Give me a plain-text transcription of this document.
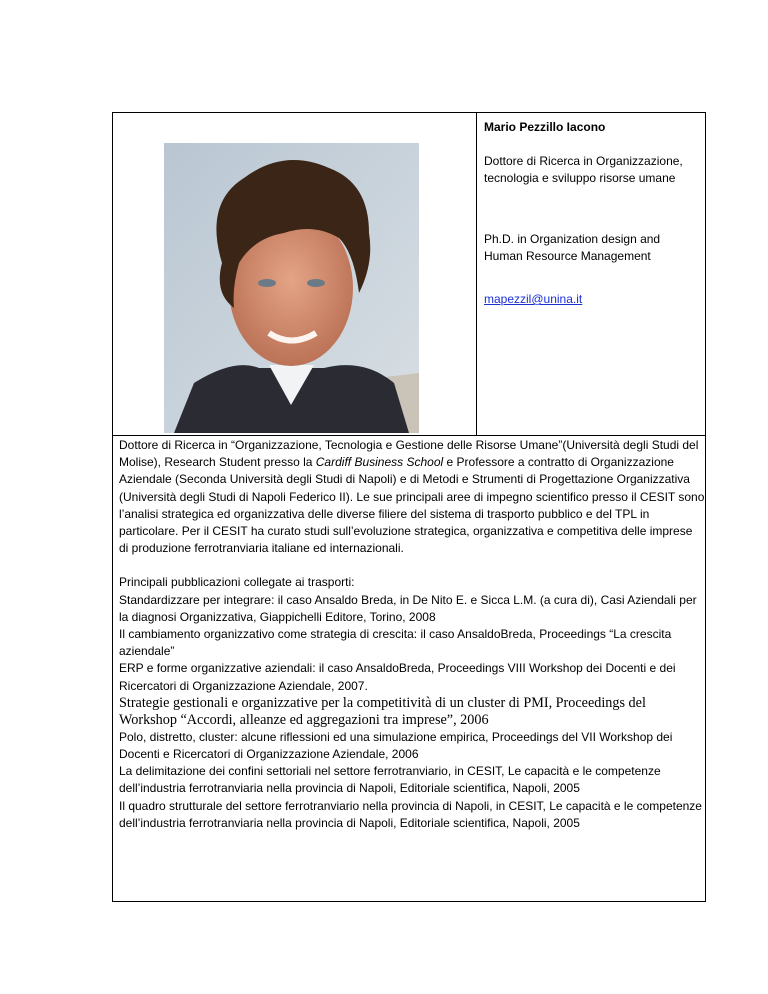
Mario Pezzillo Iacono

Dottore di Ricerca in Organizzazione, tecnologia e sviluppo risorse umane

Ph.D. in Organization design and Human Resource Management

mapezzil@unina.it

Dottore di Ricerca in “Organizzazione, Tecnologia e Gestione delle Risorse Umane”(Università degli Studi del Molise), Research Student presso la Cardiff Business School e Professore a contratto di Organizzazione Aziendale (Seconda Università degli Studi di Napoli) e di Metodi e Strumenti di Progettazione Organizzativa (Università degli Studi di Napoli Federico II). Le sue principali aree di impegno scientifico presso il CESIT sono l’analisi strategica ed organizzativa delle diverse filiere del sistema di trasporto pubblico e del TPL in particolare. Per il CESIT ha curato studi sull’evoluzione strategica, organizzativa e competitiva delle imprese di produzione ferrotranviaria italiane ed internazionali.

Principali pubblicazioni collegate ai trasporti:

Standardizzare per integrare: il caso Ansaldo Breda, in De Nito E. e Sicca L.M. (a cura di), Casi Aziendali per la diagnosi Organizzativa, Giappichelli Editore, Torino, 2008

Il cambiamento organizzativo come strategia di crescita: il caso AnsaldoBreda, Proceedings “La crescita aziendale”

ERP e forme organizzative aziendali: il caso AnsaldoBreda, Proceedings VIII Workshop dei Docenti e dei Ricercatori di Organizzazione Aziendale, 2007.

Strategie gestionali e organizzative per la competitività di un cluster di PMI, Proceedings del Workshop “Accordi, alleanze ed aggregazioni tra imprese”, 2006

Polo, distretto, cluster: alcune riflessioni ed una simulazione empirica, Proceedings del VII Workshop dei Docenti e Ricercatori di Organizzazione Aziendale, 2006

La delimitazione dei confini settoriali nel settore ferrotranviario, in CESIT, Le capacità e le competenze dell’industria ferrotranviaria nella provincia di Napoli, Editoriale scientifica, Napoli, 2005

Il quadro strutturale del settore ferrotranviario nella provincia di Napoli, in CESIT, Le capacità e le competenze dell’industria ferrotranviaria nella provincia di Napoli, Editoriale scientifica, Napoli, 2005
